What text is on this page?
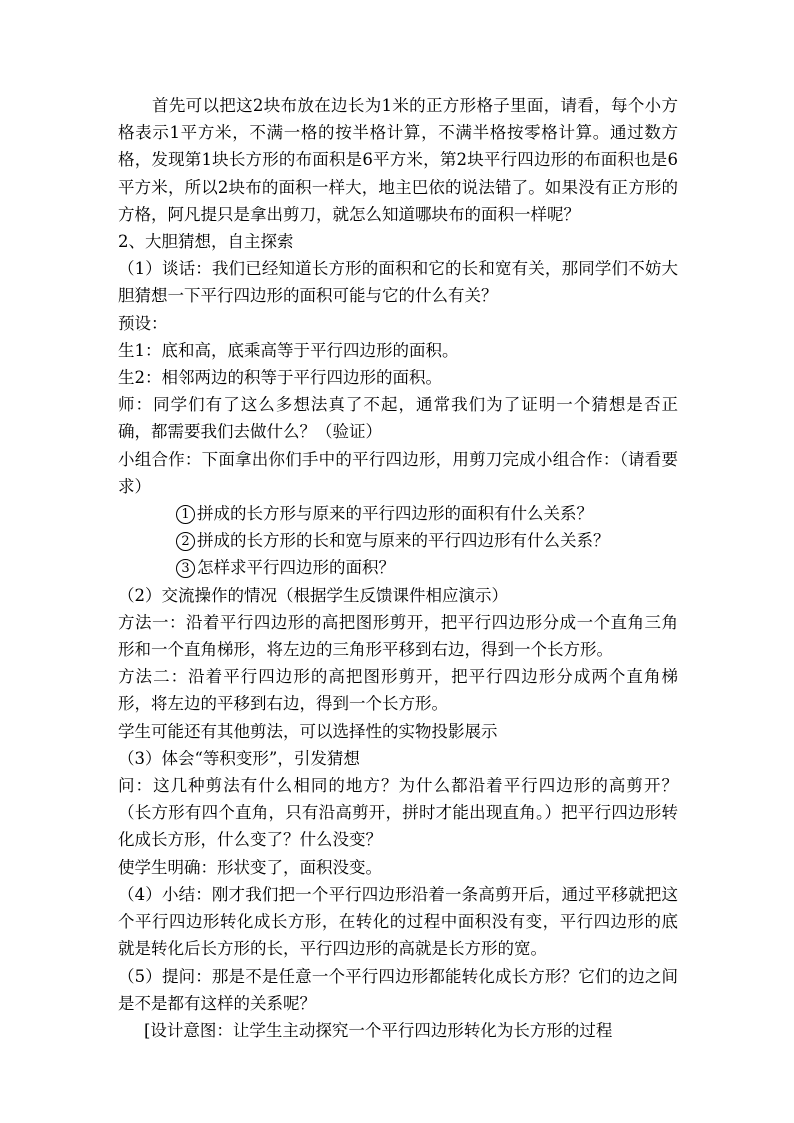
首先可以把这2块布放在边长为1米的正方形格子里面，请看，每个小方格表示1平方米，不满一格的按半格计算，不满半格按零格计算。通过数方格，发现第1块长方形的布面积是6平方米，第2块平行四边形的布面积也是6平方米，所以2块布的面积一样大，地主巴依的说法错了。如果没有正方形的方格，阿凡提只是拿出剪刀，就怎么知道哪块布的面积一样呢？

2、大胆猜想，自主探索

（1）谈话：我们已经知道长方形的面积和它的长和宽有关，那同学们不妨大胆猜想一下平行四边形的面积可能与它的什么有关？

预设：

生1：底和高，底乘高等于平行四边形的面积。

生2：相邻两边的积等于平行四边形的面积。

师：同学们有了这么多想法真了不起，通常我们为了证明一个猜想是否正确，都需要我们去做什么？（验证）

小组合作：下面拿出你们手中的平行四边形，用剪刀完成小组合作：（请看要求）

1 拼成的长方形与原来的平行四边形的面积有什么关系？

2 拼成的长方形的长和宽与原来的平行四边形有什么关系？

3 怎样求平行四边形的面积？

（2）交流操作的情况（根据学生反馈课件相应演示）

方法一：沿着平行四边形的高把图形剪开，把平行四边形分成一个直角三角形和一个直角梯形，将左边的三角形平移到右边，得到一个长方形。

方法二：沿着平行四边形的高把图形剪开，把平行四边形分成两个直角梯形，将左边的平移到右边，得到一个长方形。

学生可能还有其他剪法，可以选择性的实物投影展示

（3）体会“等积变形”，引发猜想

问：这几种剪法有什么相同的地方？为什么都沿着平行四边形的高剪开？（长方形有四个直角，只有沿高剪开，拼时才能出现直角。）把平行四边形转化成长方形，什么变了？什么没变？

使学生明确：形状变了，面积没变。

（4）小结：刚才我们把一个平行四边形沿着一条高剪开后，通过平移就把这个平行四边形转化成长方形，在转化的过程中面积没有变，平行四边形的底就是转化后长方形的长，平行四边形的高就是长方形的宽。

（5）提问：那是不是任意一个平行四边形都能转化成长方形？它们的边之间是不是都有这样的关系呢？

[设计意图：让学生主动探究一个平行四边形转化为长方形的过程
